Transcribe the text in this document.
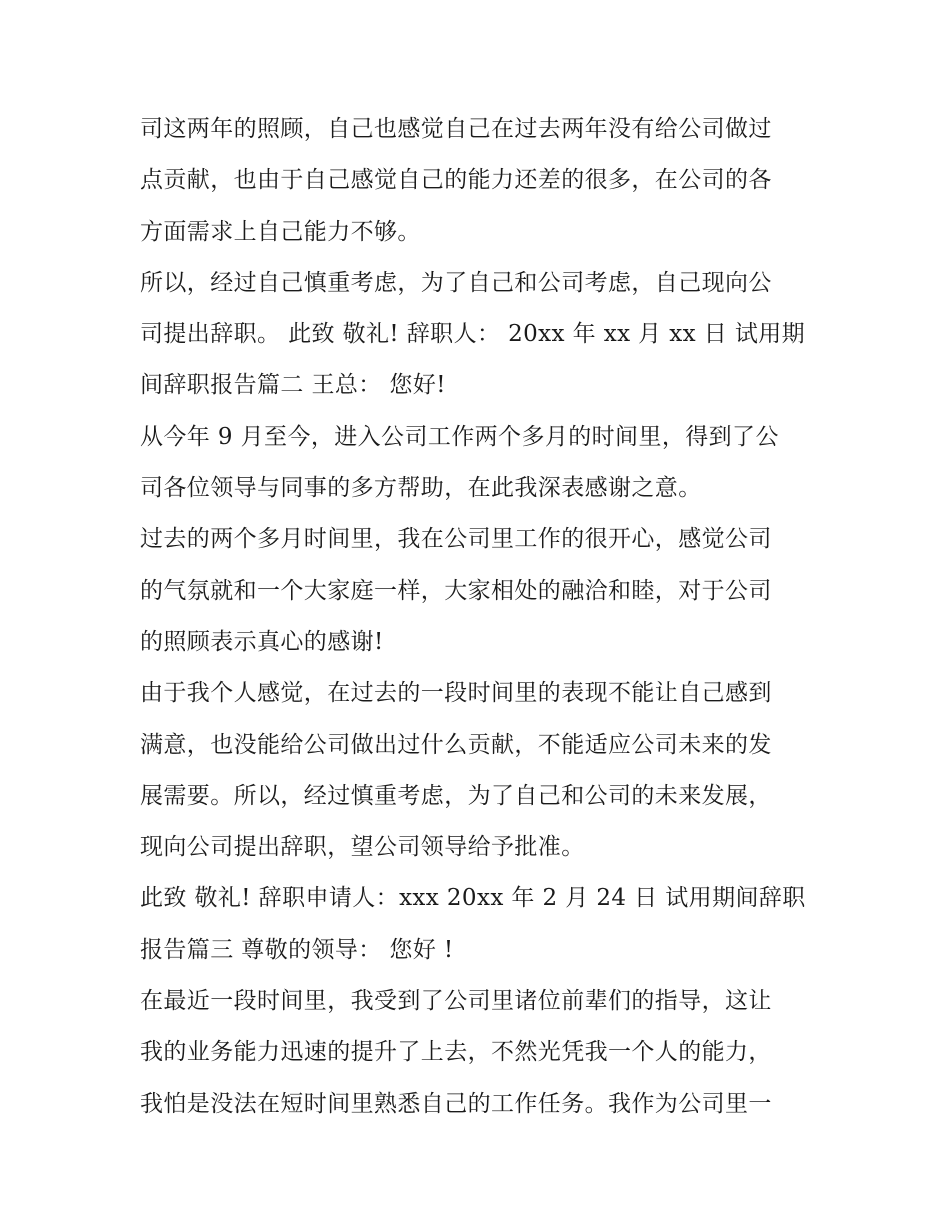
司这两年的照顾，自己也感觉自己在过去两年没有给公司做过
点贡献，也由于自己感觉自己的能力还差的很多，在公司的各
方面需求上自己能力不够。
所以，经过自己慎重考虑，为了自己和公司考虑，自己现向公
司提出辞职。 此致 敬礼! 辞职人： 20xx 年 xx 月 xx 日 试用期
间辞职报告篇二 王总： 您好!
从今年 9 月至今，进入公司工作两个多月的时间里，得到了公
司各位领导与同事的多方帮助，在此我深表感谢之意。
过去的两个多月时间里，我在公司里工作的很开心，感觉公司
的气氛就和一个大家庭一样，大家相处的融洽和睦，对于公司
的照顾表示真心的感谢!
由于我个人感觉，在过去的一段时间里的表现不能让自己感到
满意，也没能给公司做出过什么贡献，不能适应公司未来的发
展需要。所以，经过慎重考虑，为了自己和公司的未来发展，
现向公司提出辞职，望公司领导给予批准。
此致 敬礼! 辞职申请人：xxx 20xx 年 2 月 24 日 试用期间辞职
报告篇三 尊敬的领导： 您好 !
在最近一段时间里，我受到了公司里诸位前辈们的指导，这让
我的业务能力迅速的提升了上去，不然光凭我一个人的能力，
我怕是没法在短时间里熟悉自己的工作任务。我作为公司里一
